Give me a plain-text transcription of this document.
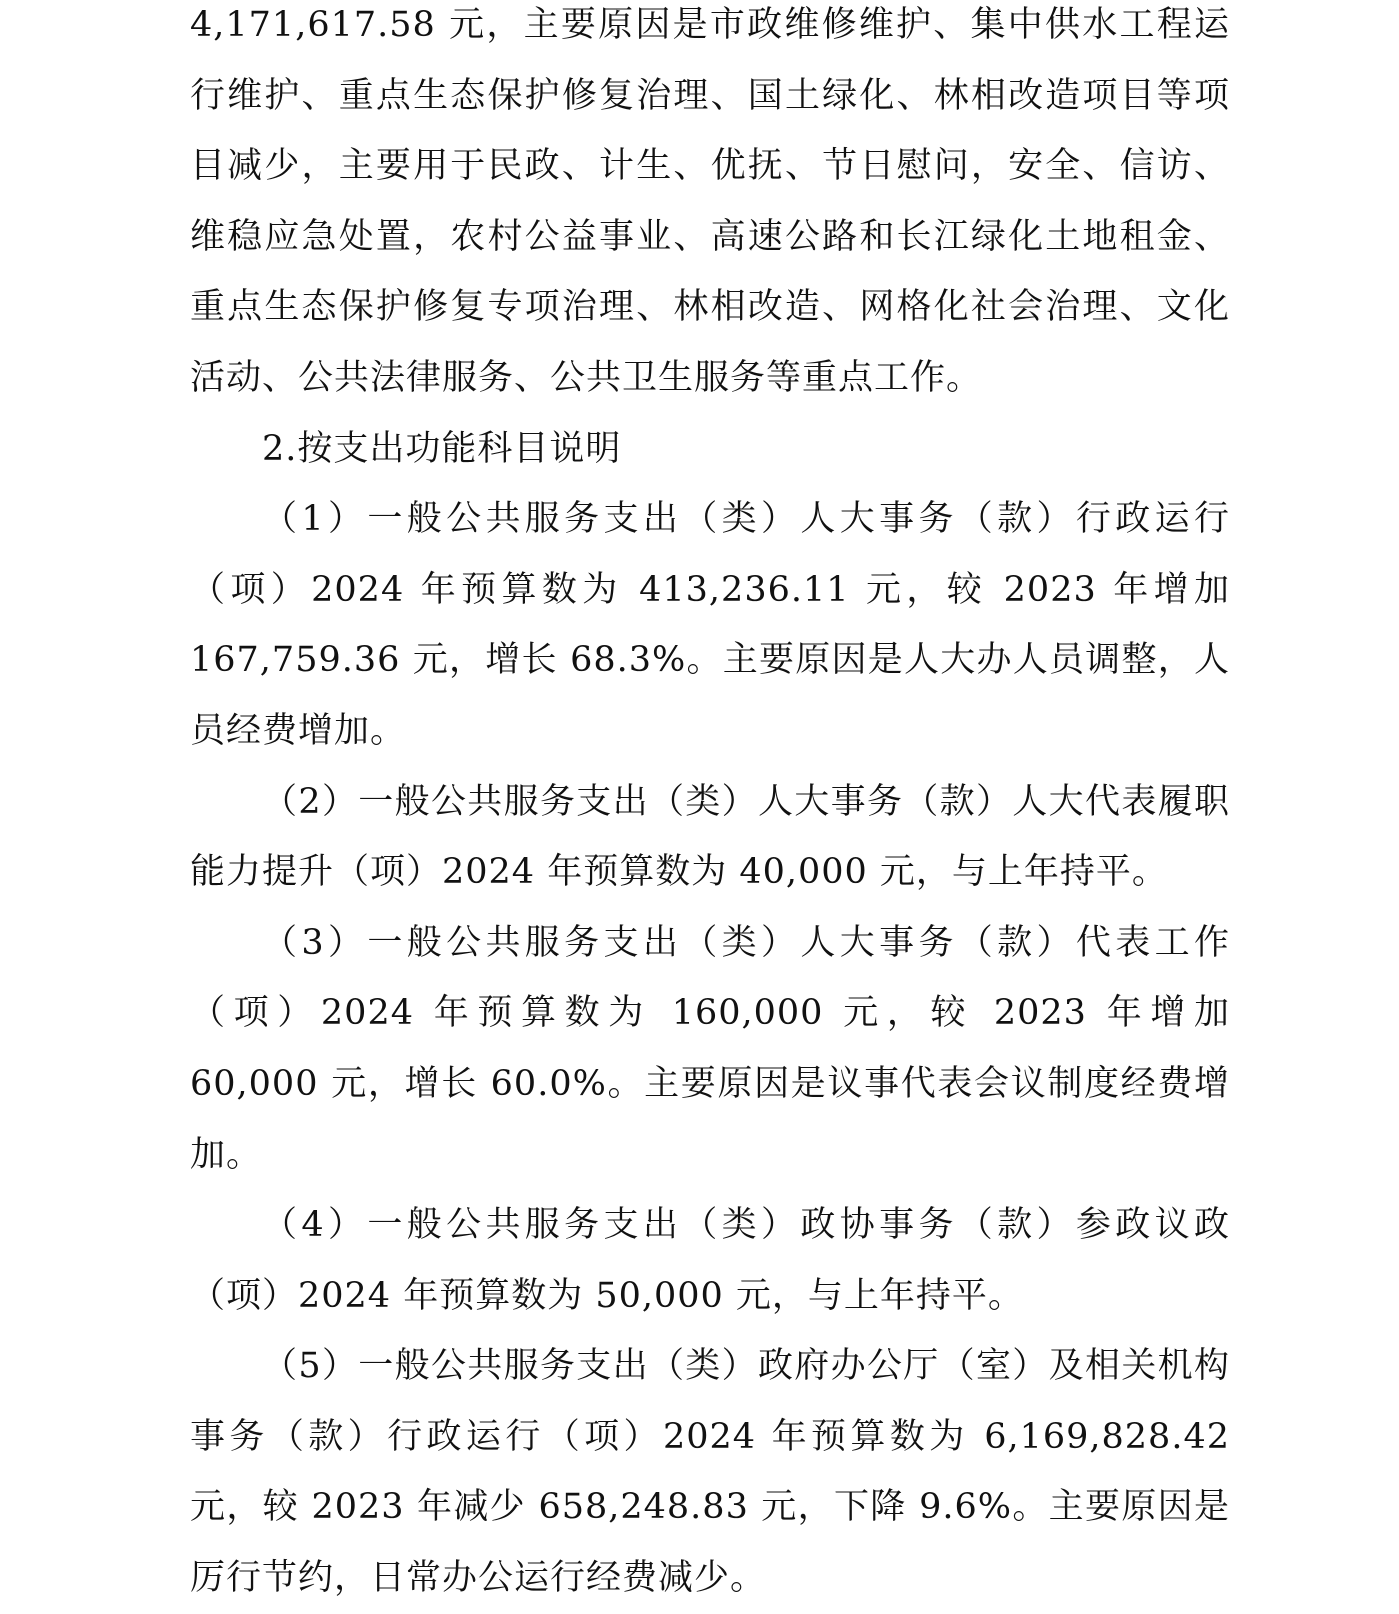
4,171,617.58 元，主要原因是市政维修维护、集中供水工程运行维护、重点生态保护修复治理、国土绿化、林相改造项目等项目减少，主要用于民政、计生、优抚、节日慰问，安全、信访、维稳应急处置，农村公益事业、高速公路和长江绿化土地租金、重点生态保护修复专项治理、林相改造、网格化社会治理、文化活动、公共法律服务、公共卫生服务等重点工作。

2.按支出功能科目说明

（1）一般公共服务支出（类）人大事务（款）行政运行（项）2024 年预算数为 413,236.11 元，较 2023 年增加 167,759.36 元，增长 68.3%。主要原因是人大办人员调整，人员经费增加。

（2）一般公共服务支出（类）人大事务（款）人大代表履职能力提升（项）2024 年预算数为 40,000 元，与上年持平。

（3）一般公共服务支出（类）人大事务（款）代表工作（项）2024 年预算数为 160,000 元，较 2023 年增加 60,000 元，增长 60.0%。主要原因是议事代表会议制度经费增加。

（4）一般公共服务支出（类）政协事务（款）参政议政（项）2024 年预算数为 50,000 元，与上年持平。

（5）一般公共服务支出（类）政府办公厅（室）及相关机构事务（款）行政运行（项）2024 年预算数为 6,169,828.42 元，较 2023 年减少 658,248.83 元，下降 9.6%。主要原因是厉行节约，日常办公运行经费减少。
